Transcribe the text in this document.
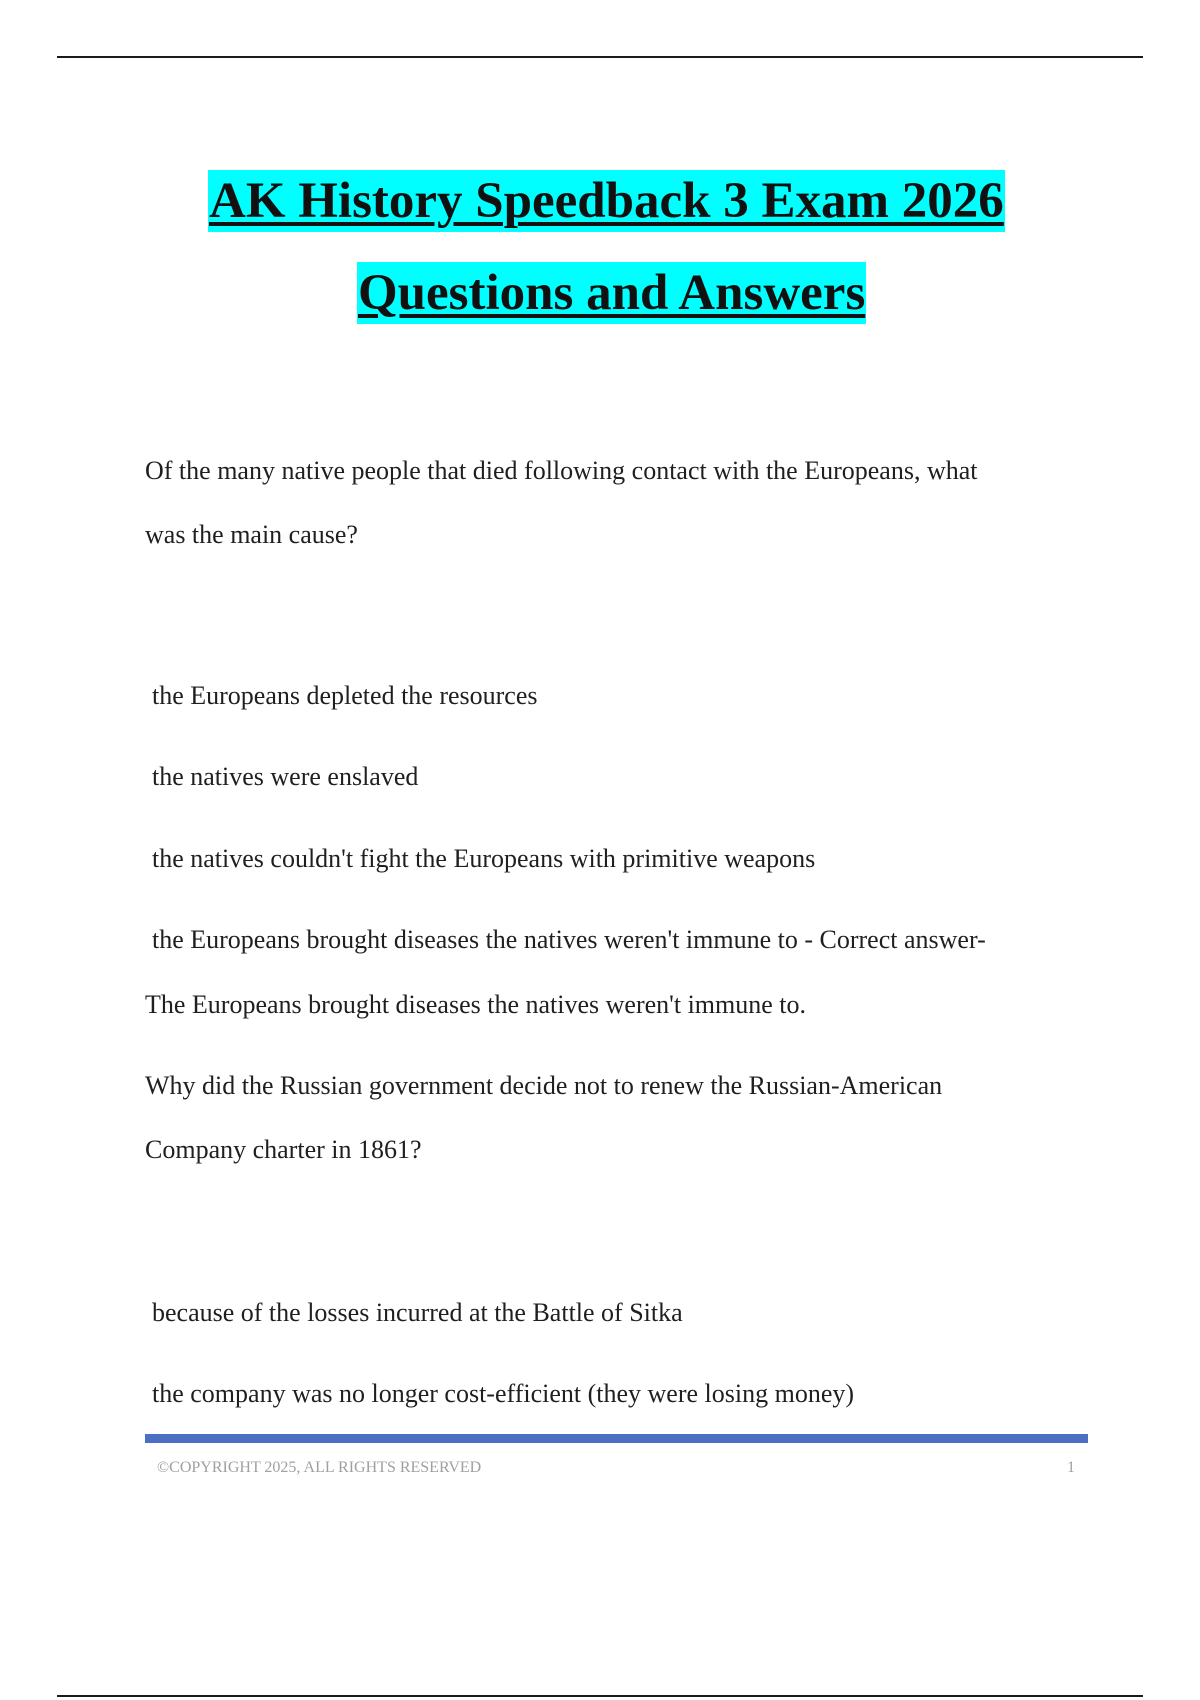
AK History Speedback 3 Exam 2026
Questions and Answers
Of the many native people that died following contact with the Europeans, what
was the main cause?
the Europeans depleted the resources
the natives were enslaved
the natives couldn't fight the Europeans with primitive weapons
the Europeans brought diseases the natives weren't immune to - Correct answer-
The Europeans brought diseases the natives weren't immune to.
Why did the Russian government decide not to renew the Russian-American
Company charter in 1861?
because of the losses incurred at the Battle of Sitka
the company was no longer cost-efficient (they were losing money)
©COPYRIGHT 2025, ALL RIGHTS RESERVED	1
